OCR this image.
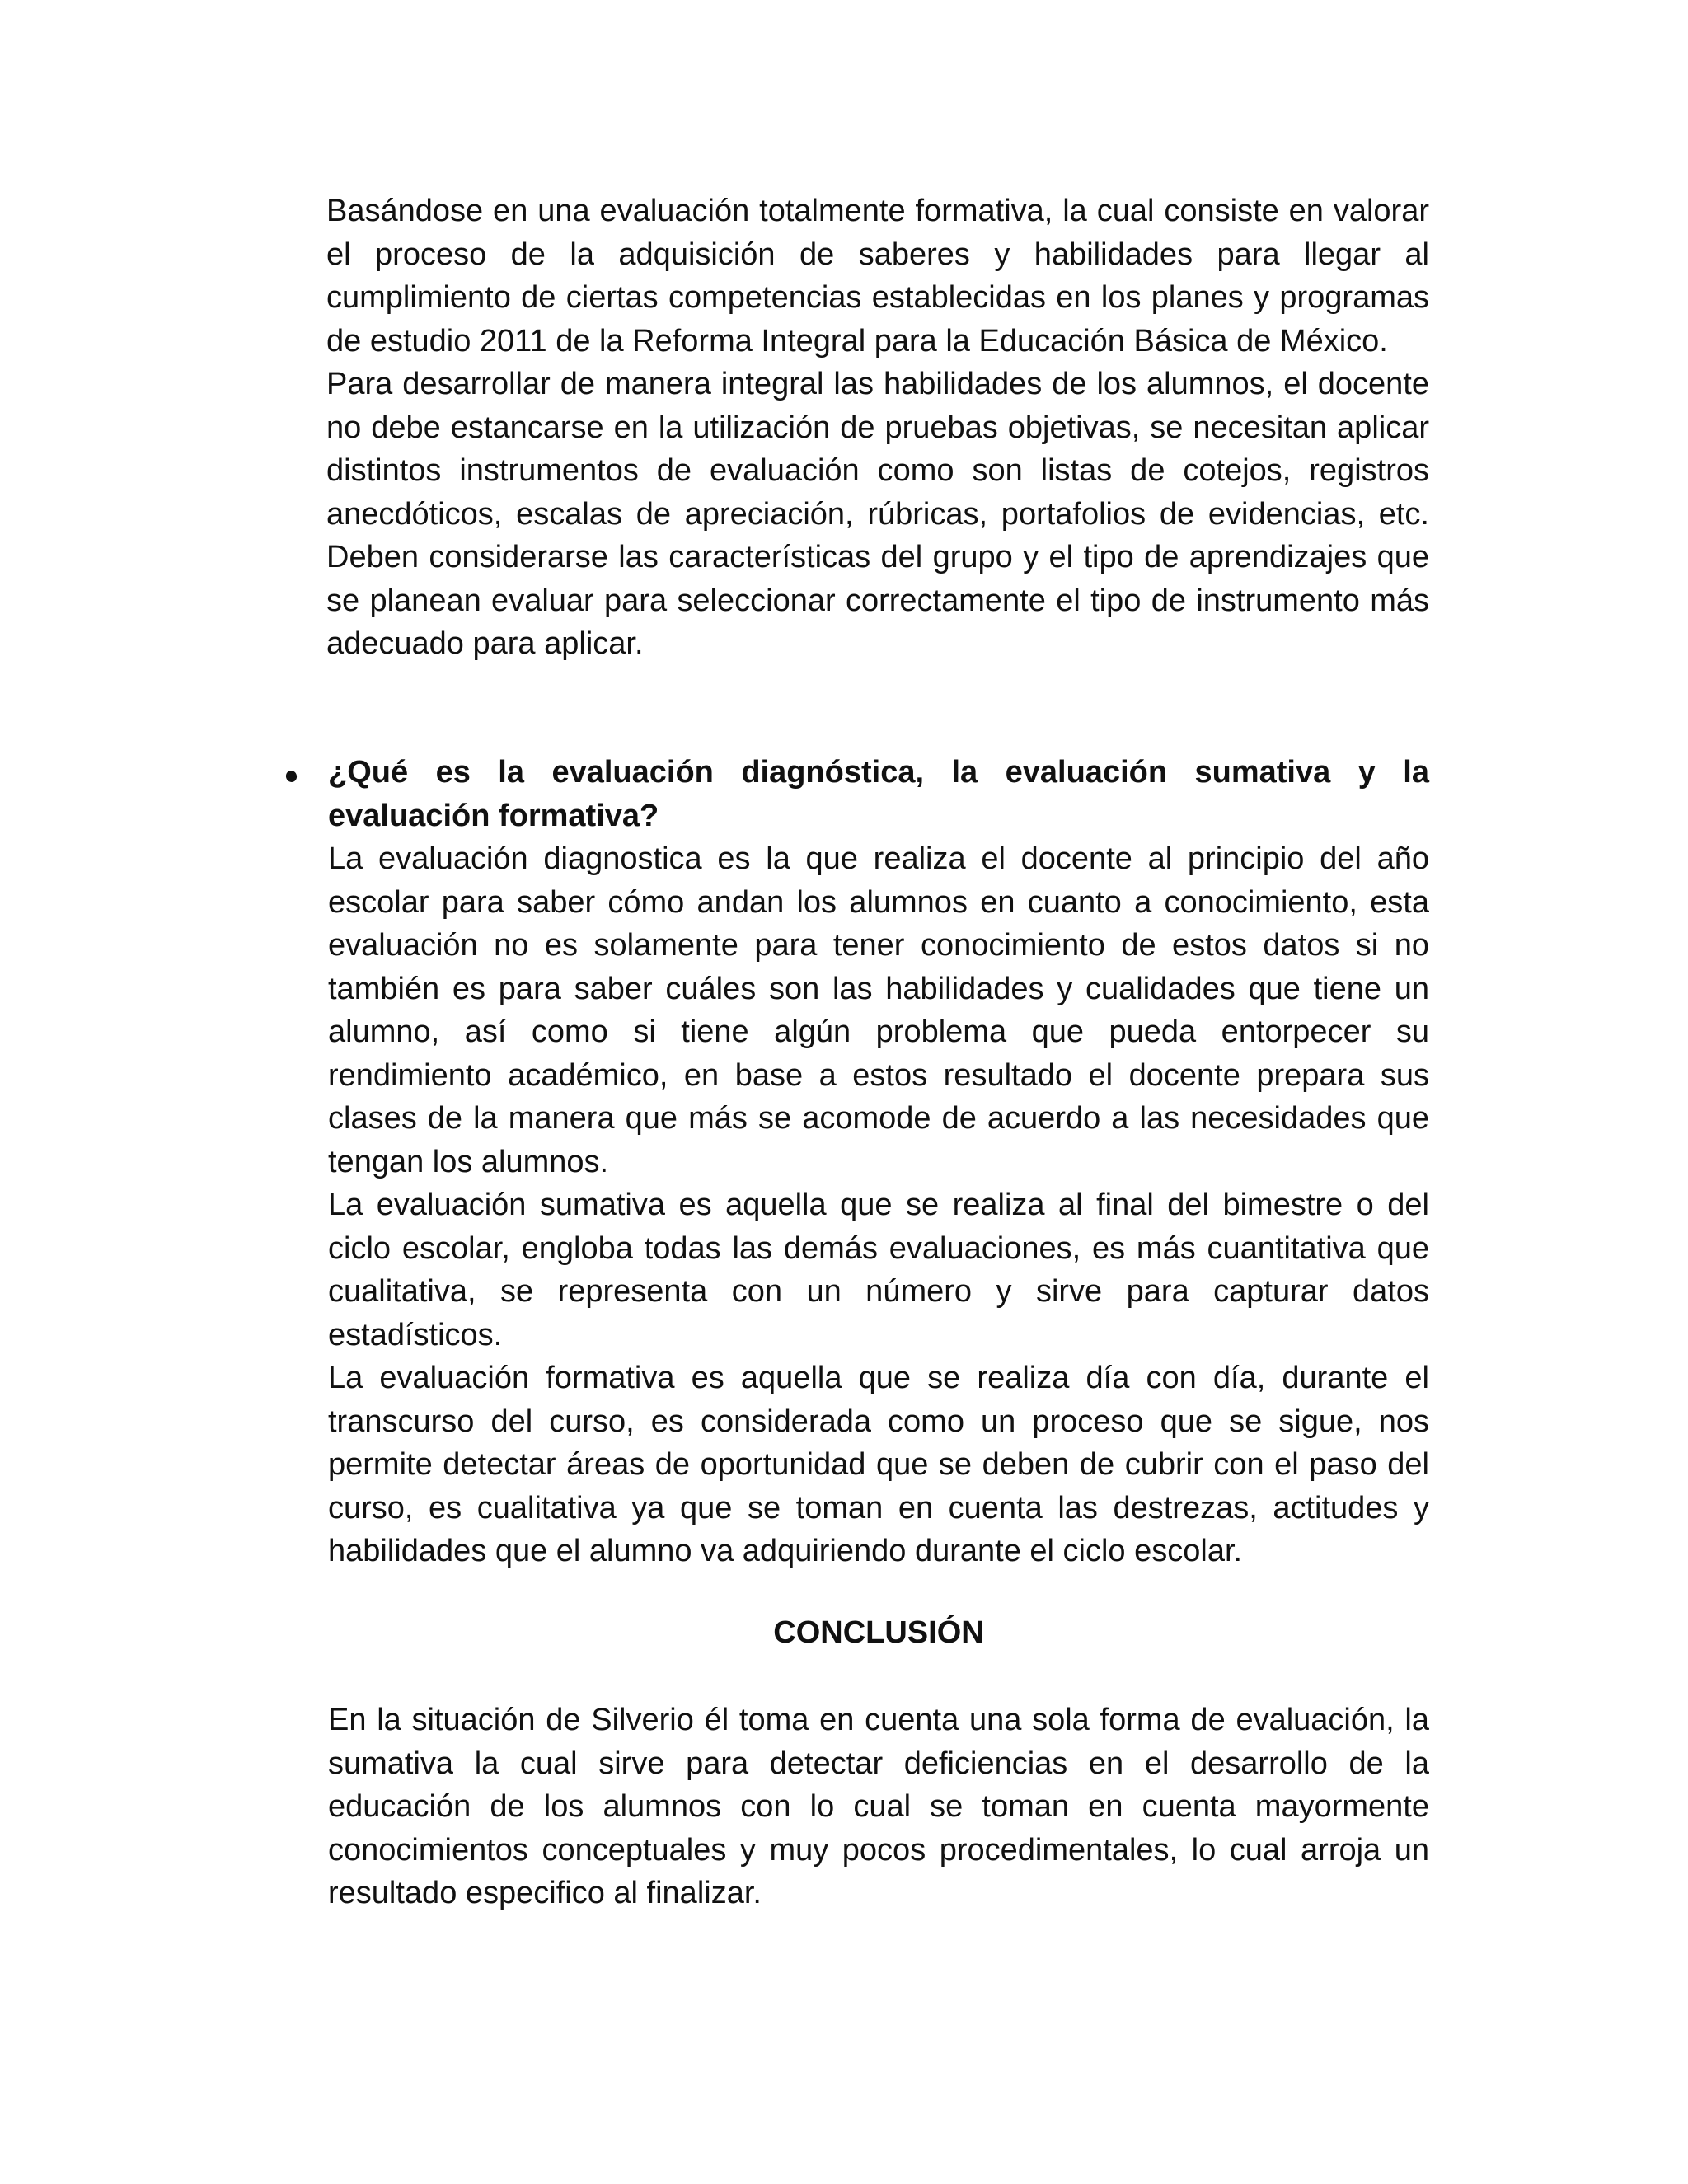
Basándose en una evaluación totalmente formativa, la cual consiste en valorar el proceso de la adquisición de saberes y habilidades para llegar al cumplimiento de ciertas competencias establecidas en los planes y programas de estudio 2011 de la Reforma Integral para la Educación Básica de México.
Para desarrollar de manera integral las habilidades de los alumnos, el docente no debe estancarse en la utilización de pruebas objetivas, se necesitan aplicar distintos instrumentos de evaluación como son listas de cotejos, registros anecdóticos, escalas de apreciación, rúbricas, portafolios de evidencias, etc. Deben considerarse las características del grupo y el tipo de aprendizajes que se planean evaluar para seleccionar correctamente el tipo de instrumento más adecuado para aplicar.
¿Qué es la evaluación diagnóstica, la evaluación sumativa y la evaluación formativa?
La evaluación diagnostica es la que realiza el docente al principio del año escolar para saber cómo andan los alumnos en cuanto a conocimiento, esta evaluación no es solamente para tener conocimiento de estos datos si no también es para saber cuáles son las habilidades y cualidades que tiene un alumno, así como si tiene algún problema que pueda entorpecer su rendimiento académico, en base a estos resultado el docente prepara sus clases de la manera que más se acomode de acuerdo a las necesidades que tengan los alumnos.
La evaluación sumativa es aquella que se realiza al final del bimestre o del ciclo escolar, engloba todas las demás evaluaciones, es más cuantitativa que cualitativa, se representa con un número y sirve para capturar datos estadísticos.
La evaluación formativa es aquella que se realiza día con día, durante el transcurso del curso, es considerada como un proceso que se sigue, nos permite detectar áreas de oportunidad que se deben de cubrir con el paso del curso, es cualitativa ya que se toman en cuenta las destrezas, actitudes y habilidades que el alumno va adquiriendo durante el ciclo escolar.
CONCLUSIÓN
En la situación de Silverio él toma en cuenta una sola forma de evaluación, la sumativa la cual sirve para detectar deficiencias en el desarrollo de la educación de los alumnos con lo cual se toman en cuenta mayormente conocimientos conceptuales y muy pocos procedimentales, lo cual arroja un resultado especifico al finalizar.
